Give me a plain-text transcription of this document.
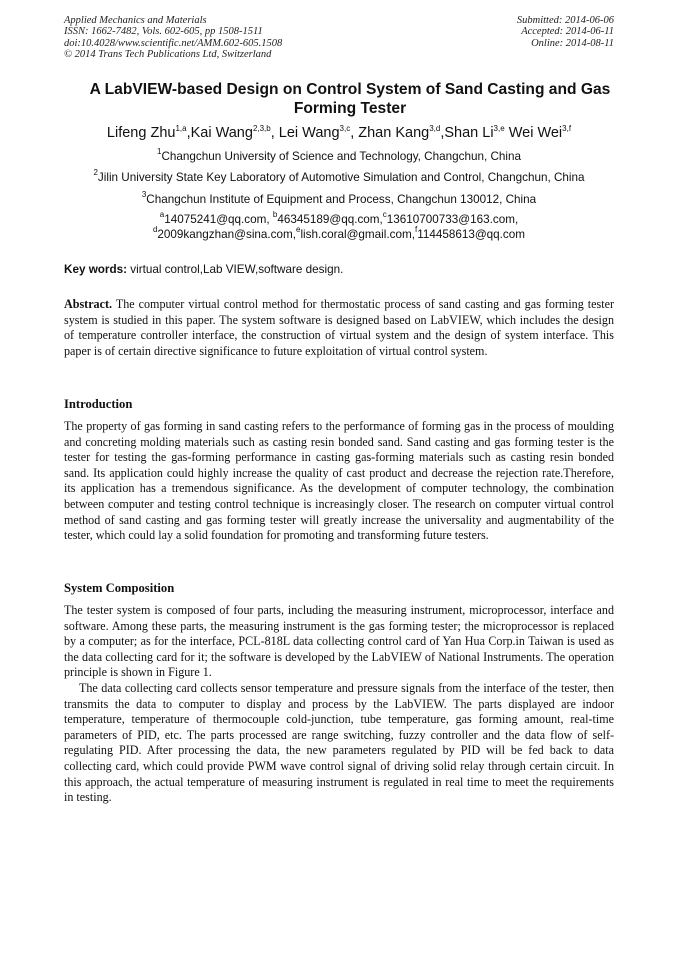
Applied Mechanics and Materials
ISSN: 1662-7482, Vols. 602-605, pp 1508-1511
doi:10.4028/www.scientific.net/AMM.602-605.1508
© 2014 Trans Tech Publications Ltd, Switzerland
Submitted: 2014-06-06
Accepted: 2014-06-11
Online: 2014-08-11
A LabVIEW-based Design on Control System of Sand Casting and Gas Forming Tester
Lifeng Zhu$^{1,a}$,Kai Wang$^{2,3,b}$, Lei Wang$^{3,c}$, Zhan Kang$^{3,d}$,Shan Li$^{3,e}$ Wei Wei$^{3,f}$
$^1$Changchun University of Science and Technology, Changchun, China
$^2$Jilin University State Key Laboratory of Automotive Simulation and Control, Changchun, China
$^3$Changchun Institute of Equipment and Process, Changchun 130012, China
$^a$14075241@qq.com, $^b$46345189@qq.com,$^c$13610700733@163.com,
$^d$2009kangzhan@sina.com,$^e$lish.coral@gmail.com,$^f$114458613@qq.com
Key words: virtual control,Lab VIEW,software design.

Abstract. The computer virtual control method for thermostatic process of sand casting and gas forming tester system is studied in this paper. The system software is designed based on LabVIEW, which includes the design of temperature controller interface, the construction of virtual system and the design of system interface. This paper is of certain directive significance to future exploitation of virtual control system.

Introduction

The property of gas forming in sand casting refers to the performance of forming gas in the process of moulding and concreting molding materials such as casting resin bonded sand. Sand casting and gas forming tester is the tester for testing the gas-forming performance in casting gas-forming materials such as casting resin bonded sand. Its application could highly increase the quality of cast product and decrease the rejection rate.Therefore, its application has a tremendous significance. As the development of computer technology, the combination between computer and testing control technique is increasingly closer. The research on computer virtual control method of sand casting and gas forming tester will greatly increase the universality and augmentability of the tester, which could lay a solid foundation for promoting and transforming future testers.

System Composition

The tester system is composed of four parts, including the measuring instrument, microprocessor, interface and software. Among these parts, the measuring instrument is the gas forming tester; the microprocessor is replaced by a computer; as for the interface, PCL-818L data collecting control card of Yan Hua Corp.in Taiwan is used as the data collecting card for it; the software is developed by the LabVIEW of National Instruments. The operation principle is shown in Figure 1.

The data collecting card collects sensor temperature and pressure signals from the interface of the tester, then transmits the data to computer to display and process by the LabVIEW. The parts displayed are indoor temperature, temperature of thermocouple cold-junction, tube temperature, gas forming amount, real-time parameters of PID, etc. The parts processed are range switching, fuzzy controller and the data flow of self-regulating PID. After processing the data, the new parameters regulated by PID will be fed back to data collecting card, which could provide PWM wave control signal of driving solid relay through certain circuit. In this approach, the actual temperature of measuring instrument is regulated in real time to meet the requirements in testing.
